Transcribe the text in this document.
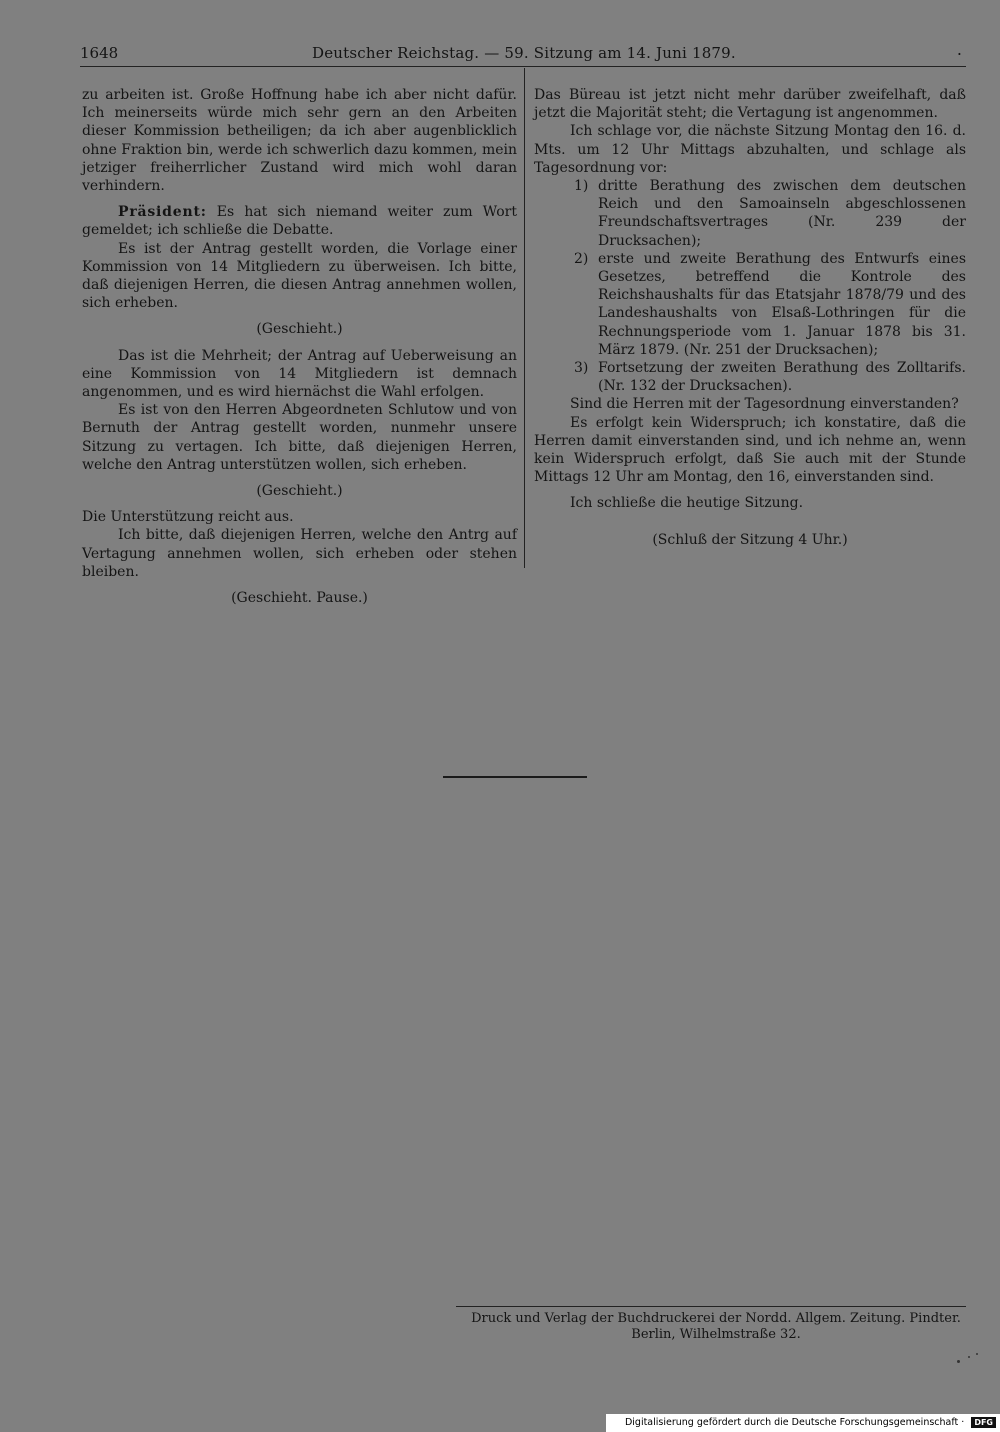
1648	Deutscher Reichstag. — 59. Sitzung am 14. Juni 1879.	.

zu arbeiten ist. Große Hoffnung habe ich aber nicht dafür. Ich meinerseits würde mich sehr gern an den Arbeiten dieser Kommission betheiligen; da ich aber augenblicklich ohne Fraktion bin, werde ich schwerlich dazu kommen, mein jetziger freiherrlicher Zustand wird mich wohl daran verhindern.

Präsident: Es hat sich niemand weiter zum Wort gemeldet; ich schließe die Debatte.

Es ist der Antrag gestellt worden, die Vorlage einer Kommission von 14 Mitgliedern zu überweisen. Ich bitte, daß diejenigen Herren, die diesen Antrag annehmen wollen, sich erheben.

(Geschieht.)

Das ist die Mehrheit; der Antrag auf Ueberweisung an eine Kommission von 14 Mitgliedern ist demnach angenommen, und es wird hiernächst die Wahl erfolgen.

Es ist von den Herren Abgeordneten Schlutow und von Bernuth der Antrag gestellt worden, nunmehr unsere Sitzung zu vertagen. Ich bitte, daß diejenigen Herren, welche den Antrag unterstützen wollen, sich erheben.

(Geschieht.)

Die Unterstützung reicht aus.

Ich bitte, daß diejenigen Herren, welche den Antrg auf Vertagung annehmen wollen, sich erheben oder stehen bleiben.

(Geschieht. Pause.)

Das Büreau ist jetzt nicht mehr darüber zweifelhaft, daß jetzt die Majorität steht; die Vertagung ist angenommen.

Ich schlage vor, die nächste Sitzung Montag den 16. d. Mts. um 12 Uhr Mittags abzuhalten, und schlage als Tagesordnung vor:

1) dritte Berathung des zwischen dem deutschen Reich und den Samoainseln abgeschlossenen Freundschaftsvertrages (Nr. 239 der Drucksachen);
2) erste und zweite Berathung des Entwurfs eines Gesetzes, betreffend die Kontrole des Reichshaushalts für das Etatsjahr 1878/79 und des Landeshaushalts von Elsaß-Lothringen für die Rechnungsperiode vom 1. Januar 1878 bis 31. März 1879. (Nr. 251 der Drucksachen);
3) Fortsetzung der zweiten Berathung des Zolltarifs. (Nr. 132 der Drucksachen).

Sind die Herren mit der Tagesordnung einverstanden?

Es erfolgt kein Widerspruch; ich konstatire, daß die Herren damit einverstanden sind, und ich nehme an, wenn kein Widerspruch erfolgt, daß Sie auch mit der Stunde Mittags 12 Uhr am Montag, den 16, einverstanden sind.

Ich schließe die heutige Sitzung.

(Schluß der Sitzung 4 Uhr.)

Druck und Verlag der Buchdruckerei der Nordd. Allgem. Zeitung. Pindter.
Berlin, Wilhelmstraße 32.
Digitalisierung gefördert durch die Deutsche Forschungsgemeinschaft · DFG
